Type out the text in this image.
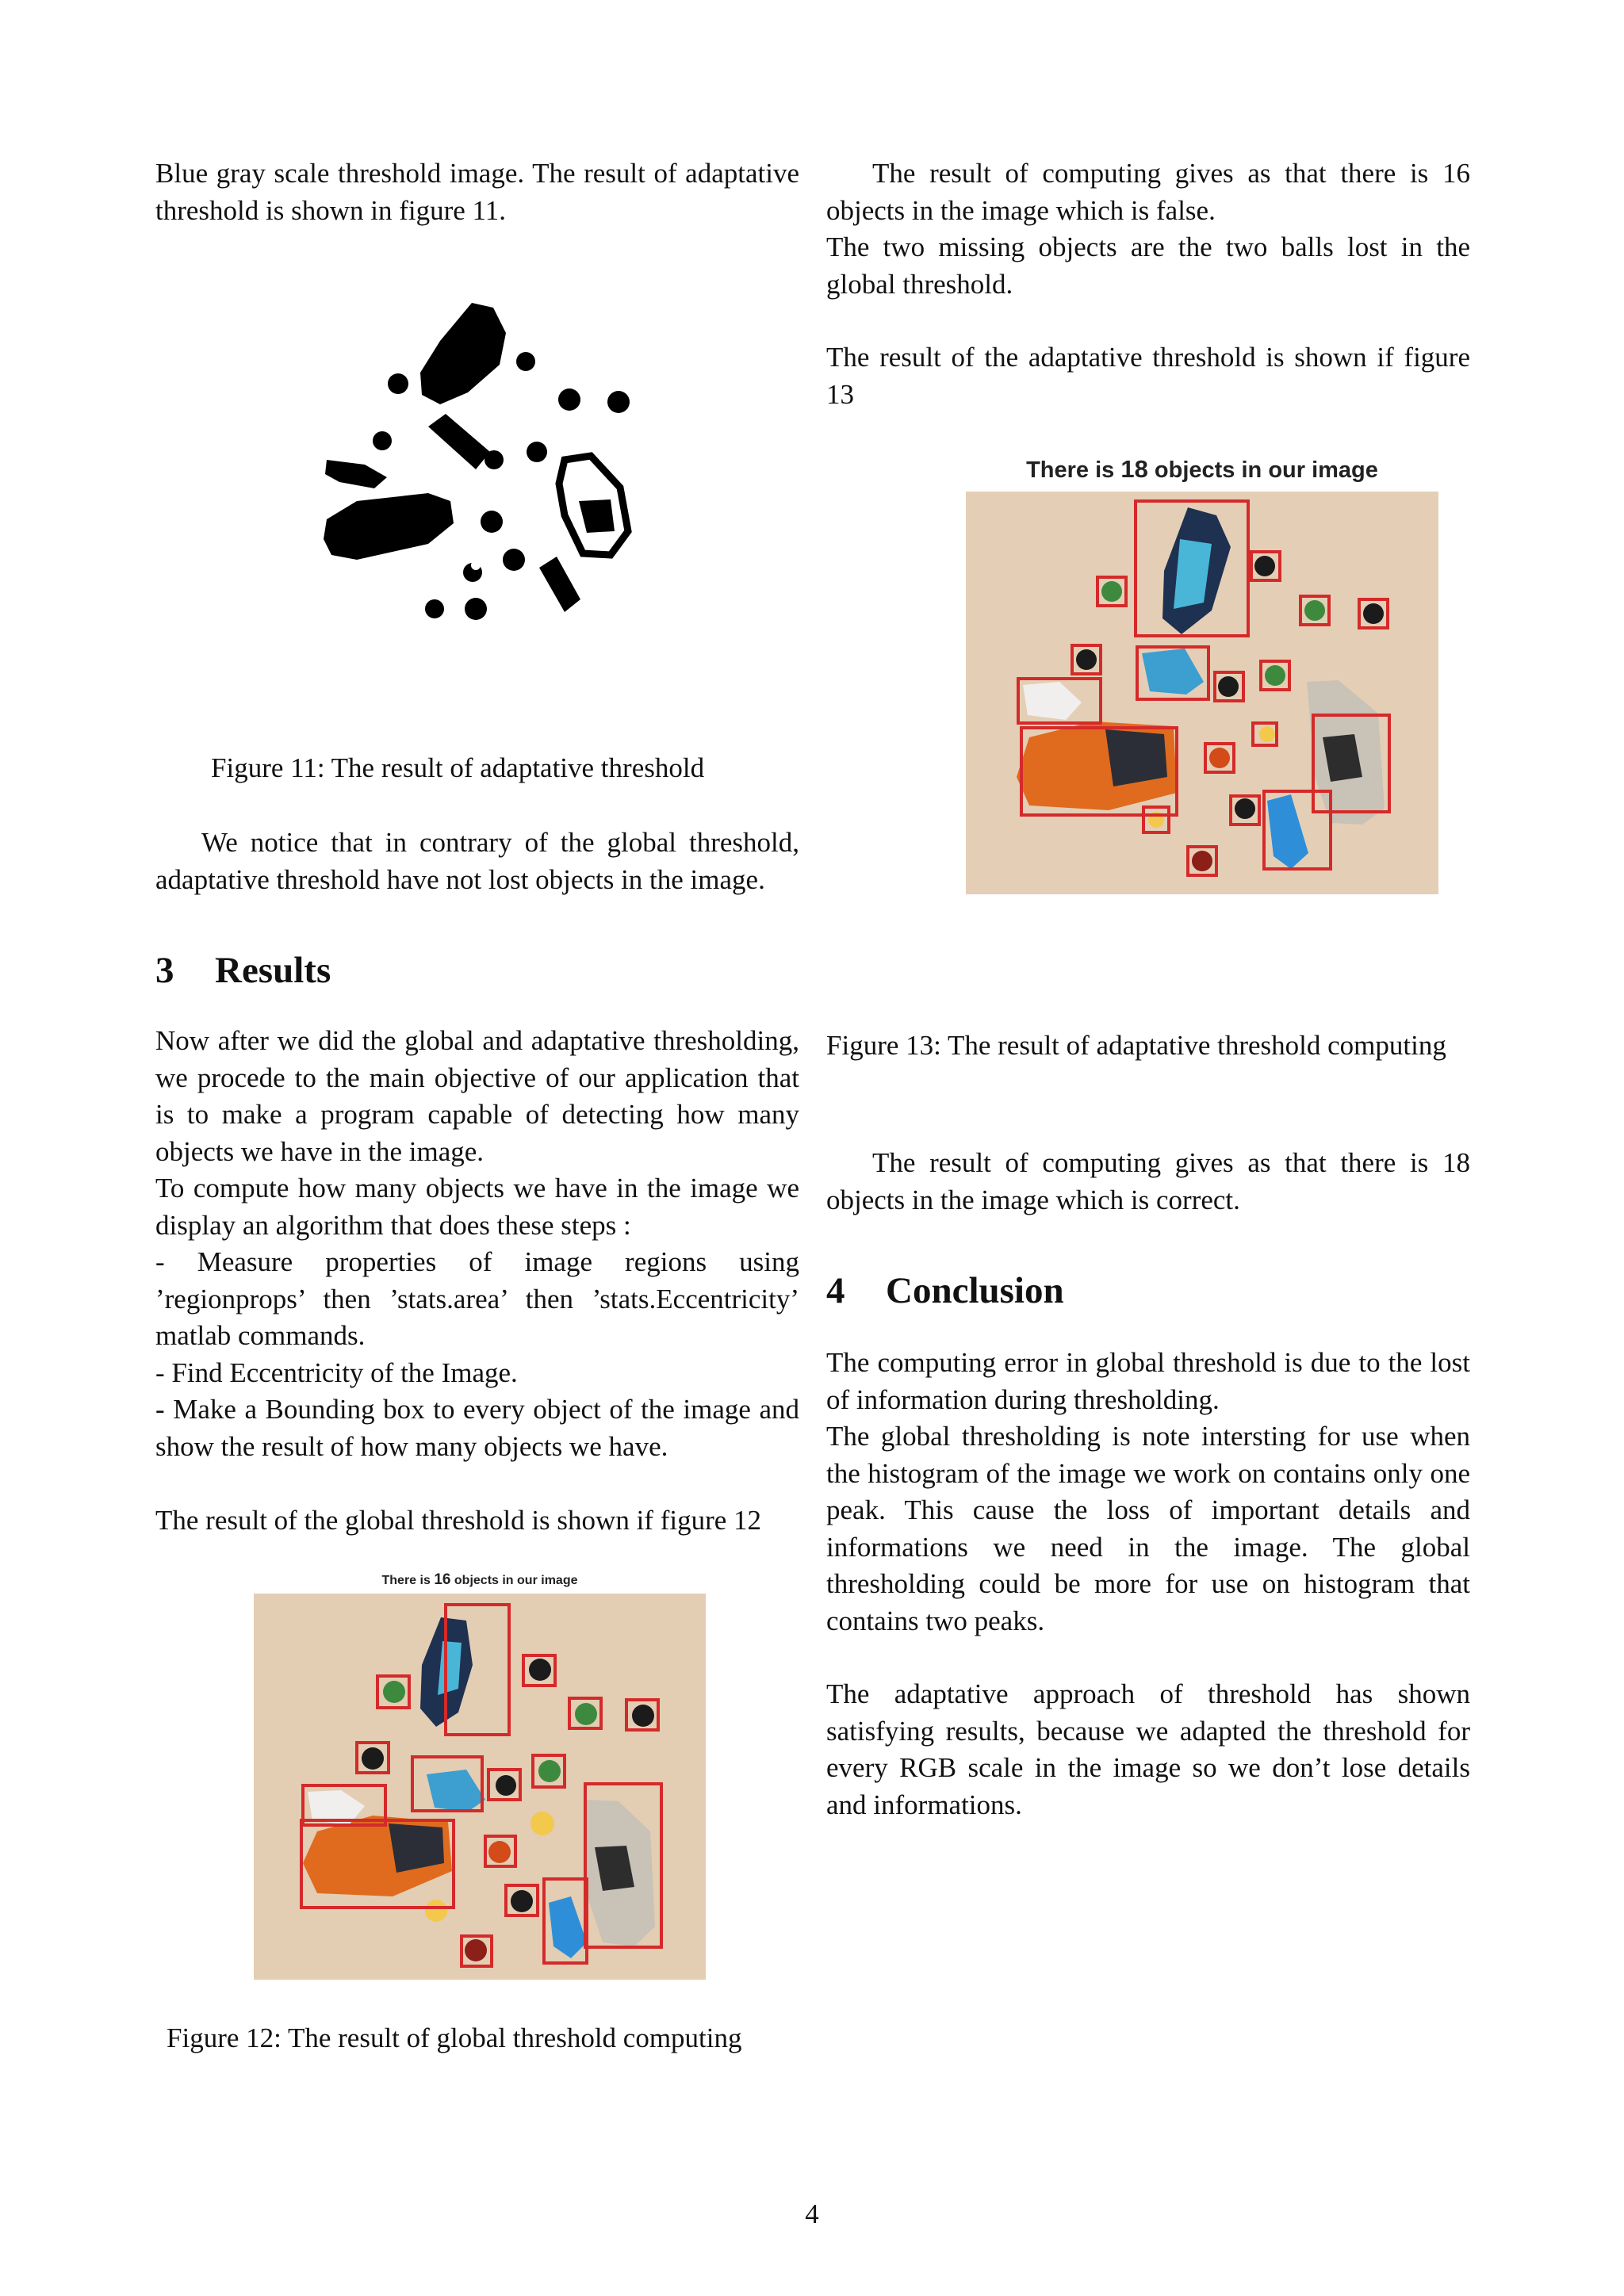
Blue gray scale threshold image. The result of adaptative threshold is shown in figure 11.

Figure 11: The result of adaptative threshold

We notice that in contrary of the global threshold, adaptative threshold have not lost objects in the image.

3 Results

Now after we did the global and adaptative thresholding, we procede to the main objective of our application that is to make a program capable of detecting how many objects we have in the image.

To compute how many objects we have in the image we display an algorithm that does these steps :

- Measure properties of image regions using ’regionprops’ then ’stats.area’ then ’stats.Eccentricity’ matlab commands.

- Find Eccentricity of the Image.

- Make a Bounding box to every object of the image and show the result of how many objects we have.

The result of the global threshold is shown if figure 12

There is 16 objects in our image
Figure 12: The result of global threshold computing

The result of computing gives as that there is 16 objects in the image which is false.

The two missing objects are the two balls lost in the global threshold.

The result of the adaptative threshold is shown if figure 13

There is 18 objects in our image

Figure 13: The result of adaptative threshold computing

The result of computing gives as that there is 18 objects in the image which is correct.

4 Conclusion

The computing error in global threshold is due to the lost of information during thresholding.

The global thresholding is note intersting for use when the histogram of the image we work on contains only one peak. This cause the loss of important details and informations we need in the image. The global thresholding could be more for use on histogram that contains two peaks.

The adaptative approach of threshold has shown satisfying results, because we adapted the threshold for every RGB scale in the image so we don’t lose details and informations.

4
